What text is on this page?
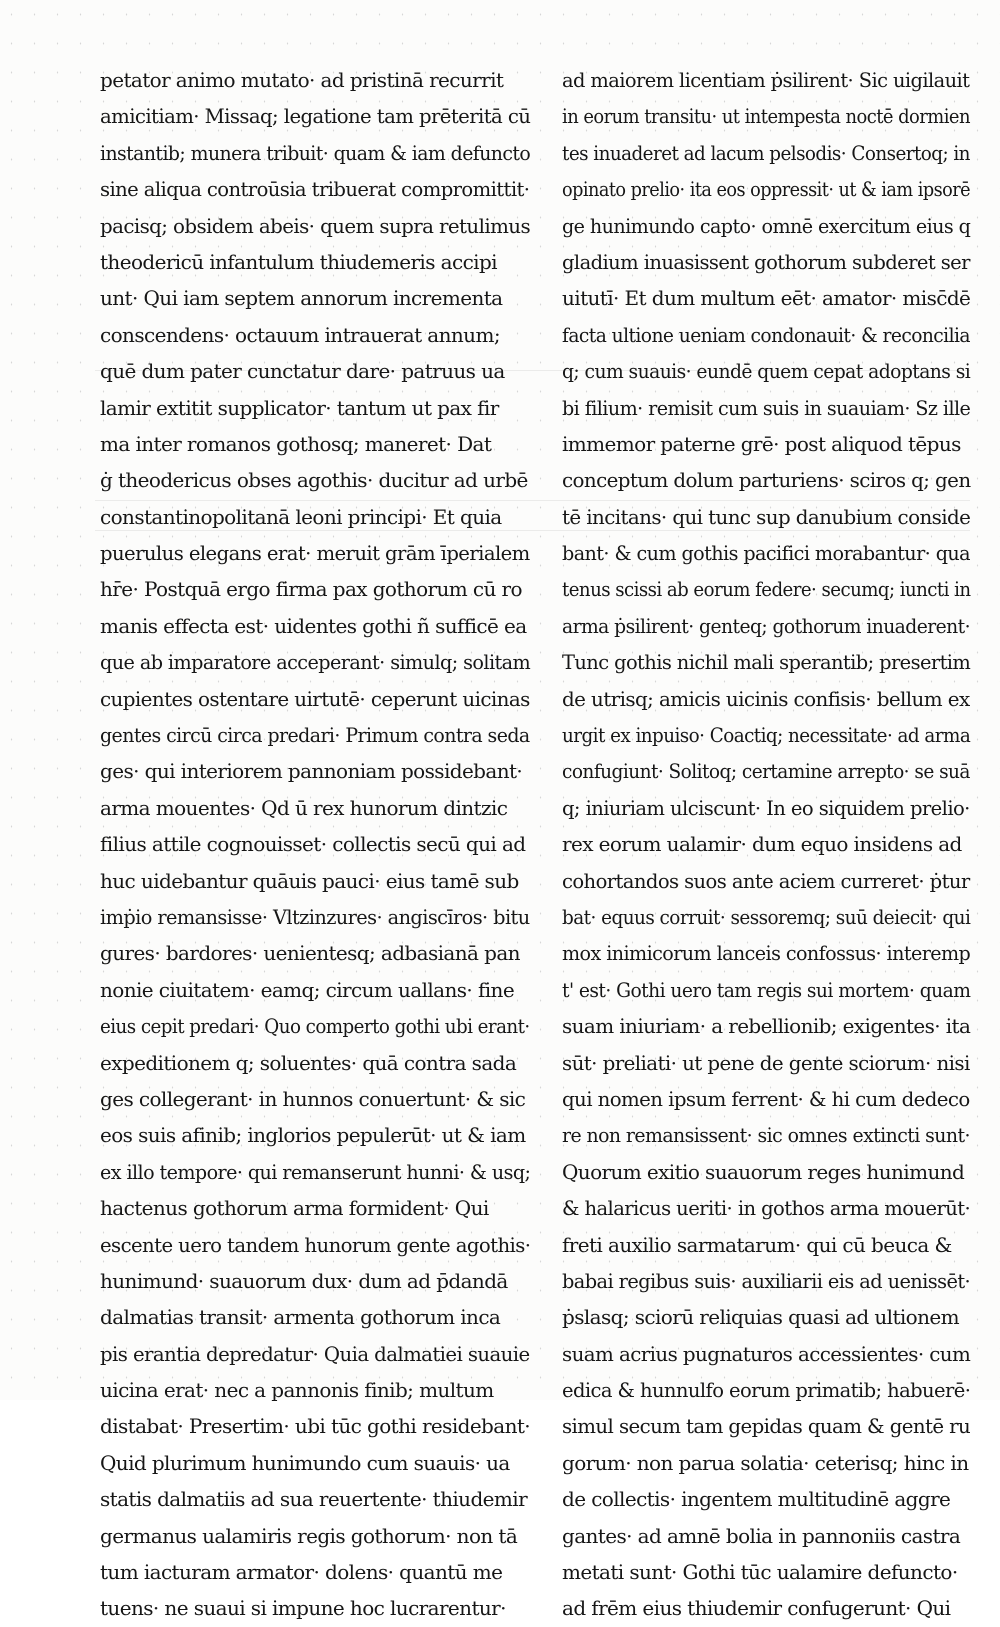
petator animo mutato· ad pristinā recurrit
amicitiam· Missaq; legatione tam prēteritā cū
instantib; munera tribuit· quam & iam defuncto
sine aliqua controūsia tribuerat compromittit·
pacisq; obsidem abeis· quem supra retulimus
theodericū infantulum thiudemeris accipi
unt· Qui iam septem annorum incrementa
conscendens· octauum intrauerat annum;
quē dum pater cunctatur dare· patruus ua
lamir extitit supplicator· tantum ut pax fir
ma inter romanos gothosq; maneret· Dat
ġ theodericus obses agothis· ducitur ad urbē
constantinopolitanā leoni principi· Et quia
puerulus elegans erat· meruit grām īperialem
hr̄e· Postquā ergo firma pax gothorum cū ro
manis effecta est· uidentes gothi ñ sufficē ea
que ab imparatore acceperant· simulq; solitam
cupientes ostentare uirtutē· ceperunt uicinas
gentes circū circa predari· Primum contra seda
ges· qui interiorem pannoniam possidebant·
arma mouentes· Qd ū rex hunorum dintzic
filius attile cognouisset· collectis secū qui ad
huc uidebantur quāuis pauci· eius tamē sub
imṗio remansisse· Vltzinzures· angiscīros· bitu
gures· bardores· uenientesq; adbasianā pan
nonie ciuitatem· eamq; circum uallans· fine
eius cepit predari· Quo comperto gothi ubi erant·
expeditionem q; soluentes· quā contra sada
ges collegerant· in hunnos conuertunt· & sic
eos suis afinib; inglorios pepulerūt· ut & iam
ex illo tempore· qui remanserunt hunni· & usq;
hactenus gothorum arma formident· Qui
escente uero tandem hunorum gente agothis·
hunimund· suauorum dux· dum ad p̄dandā
dalmatias transit· armenta gothorum inca
pis erantia depredatur· Quia dalmatiei suauie
uicina erat· nec a pannonis finib; multum
distabat· Presertim· ubi tūc gothi residebant·
Quid plurimum hunimundo cum suauis· ua
statis dalmatiis ad sua reuertente· thiudemir
germanus ualamiris regis gothorum· non tā
tum iacturam armator· dolens· quantū me
tuens· ne suaui si impune hoc lucrarentur·
ad maiorem licentiam ṗsilirent· Sic uigilauit
in eorum transitu· ut intempesta noctē dormien
tes inuaderet ad lacum pelsodis· Consertoq; in
opinato prelio· ita eos oppressit· ut & iam ipsorē
ge hunimundo capto· omnē exercitum eius q
gladium inuasissent gothorum subderet ser
uitutī· Et dum multum eēt· amator· misc̄dē
facta ultione ueniam condonauit· & reconcilia
q; cum suauis· eundē quem cepat adoptans si
bi filium· remisit cum suis in suauiam· Sz ille
immemor paterne grē· post aliquod tēpus
conceptum dolum parturiens· sciros q; gen
tē incitans· qui tunc sup danubium conside
bant· & cum gothis pacifici morabantur· qua
tenus scissi ab eorum federe· secumq; iuncti in
arma ṗsilirent· genteq; gothorum inuaderent·
Tunc gothis nichil mali sperantib; presertim
de utrisq; amicis uicinis confisis· bellum ex
urgit ex inpuiso· Coactiq; necessitate· ad arma
confugiunt· Solitoq; certamine arrepto· se suā
q; iniuriam ulciscunt· In eo siquidem prelio·
rex eorum ualamir· dum equo insidens ad
cohortandos suos ante aciem curreret· ṗtur
bat· equus corruit· sessoremq; suū deiecit· qui
mox inimicorum lanceis confossus· interemp
t' est· Gothi uero tam regis sui mortem· quam
suam iniuriam· a rebellionib; exigentes· ita
sūt· preliati· ut pene de gente sciorum· nisi
qui nomen ipsum ferrent· & hi cum dedeco
re non remansissent· sic omnes extincti sunt·
Quorum exitio suauorum reges hunimund
& halaricus ueriti· in gothos arma mouerūt·
freti auxilio sarmatarum· qui cū beuca &
babai regibus suis· auxiliarii eis ad uenissēt·
ṗslasq; sciorū reliquias quasi ad ultionem
suam acrius pugnaturos accessientes· cum
edica & hunnulfo eorum primatib; habuerē·
simul secum tam gepidas quam & gentē ru
gorum· non parua solatia· ceterisq; hinc in
de collectis· ingentem multitudinē aggre
gantes· ad amnē bolia in pannoniis castra
metati sunt· Gothi tūc ualamire defuncto·
ad frēm eius thiudemir confugerunt· Qui
